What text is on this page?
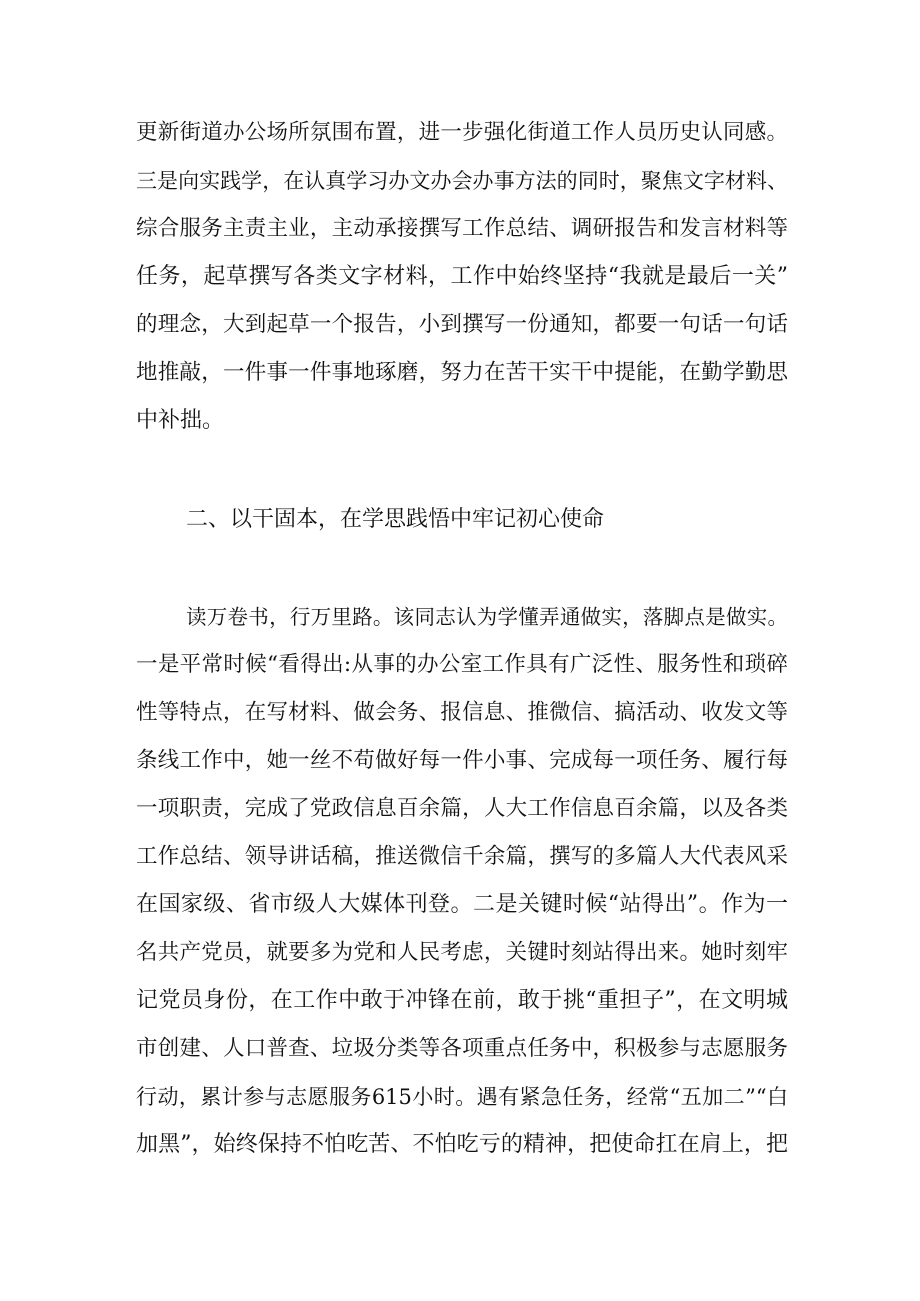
更新街道办公场所氛围布置，进一步强化街道工作人员历史认同感。
三是向实践学，在认真学习办文办会办事方法的同时，聚焦文字材料、
综合服务主责主业，主动承接撰写工作总结、调研报告和发言材料等
任务，起草撰写各类文字材料，工作中始终坚持“我就是最后一关”
的理念，大到起草一个报告，小到撰写一份通知，都要一句话一句话
地推敲，一件事一件事地琢磨，努力在苦干实干中提能，在勤学勤思
中补拙。
二、以干固本，在学思践悟中牢记初心使命
读万卷书，行万里路。该同志认为学懂弄通做实，落脚点是做实。
一是平常时候“看得出:从事的办公室工作具有广泛性、服务性和琐碎
性等特点，在写材料、做会务、报信息、推微信、搞活动、收发文等
条线工作中，她一丝不苟做好每一件小事、完成每一项任务、履行每
一项职责，完成了党政信息百余篇，人大工作信息百余篇，以及各类
工作总结、领导讲话稿，推送微信千余篇，撰写的多篇人大代表风采
在国家级、省市级人大媒体刊登。二是关键时候“站得出”。作为一
名共产党员，就要多为党和人民考虑，关键时刻站得出来。她时刻牢
记党员身份，在工作中敢于冲锋在前，敢于挑“重担子”，在文明城
市创建、人口普查、垃圾分类等各项重点任务中，积极参与志愿服务
行动，累计参与志愿服务615小时。遇有紧急任务，经常“五加二”“白
加黑”，始终保持不怕吃苦、不怕吃亏的精神，把使命扛在肩上，把
